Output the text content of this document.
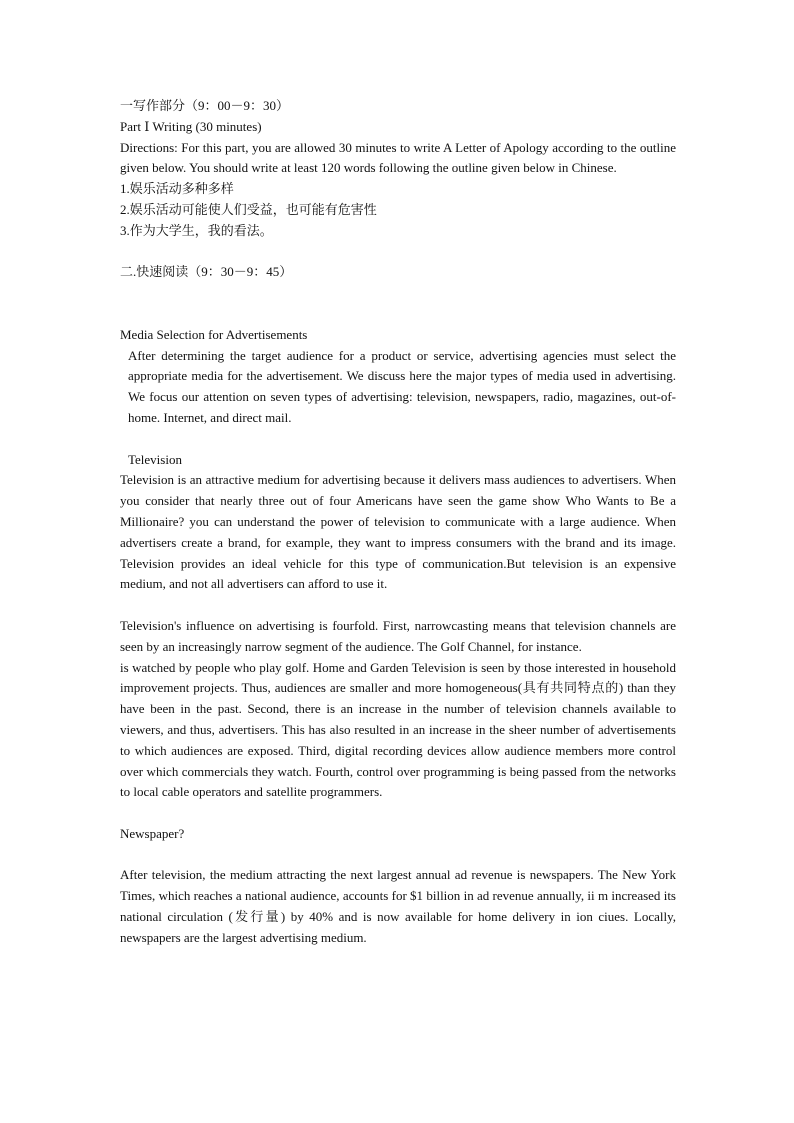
一写作部分（9：00－9：30）

Part Ⅰ Writing (30 minutes)

Directions: For this part, you are allowed 30 minutes to write A Letter of Apology according to the outline given below. You should write at least 120 words following the outline given below in Chinese.

1.娱乐活动多种多样

2.娱乐活动可能使人们受益，也可能有危害性

3.作为大学生，我的看法。

二.快速阅读（9：30－9：45）

Media Selection for Advertisements

After determining the target audience for a product or service, advertising agencies must select the appropriate media for the advertisement. We discuss here the major types of media used in advertising. We focus our attention on seven types of advertising: television, newspapers, radio, magazines, out-of-home. Internet, and direct mail.

Television

Television is an attractive medium for advertising because it delivers mass audiences to advertisers. When you consider that nearly three out of four Americans have seen the game show Who Wants to Be a Millionaire? you can understand the power of television to communicate with a large audience. When advertisers create a brand, for example, they want to impress consumers with the brand and its image. Television provides an ideal vehicle for this type of communication.But television is an expensive medium, and not all advertisers can afford to use it.

Television's influence on advertising is fourfold. First, narrowcasting means that television channels are seen by an increasingly narrow segment of the audience. The Golf Channel, for instance.

is watched by people who play golf. Home and Garden Television is seen by those interested in household improvement projects. Thus, audiences are smaller and more homogeneous(具有共同特点的) than they have been in the past. Second, there is an increase in the number of television channels available to viewers, and thus, advertisers. This has also resulted in an increase in the sheer number of advertisements to which audiences are exposed. Third, digital recording devices allow audience members more control over which commercials they watch. Fourth, control over programming is being passed from the networks to local cable operators and satellite programmers.

Newspaper?

After television, the medium attracting the next largest annual ad revenue is newspapers. The New York Times, which reaches a national audience, accounts for $1 billion in ad revenue annually, ii m increased its national circulation (发行量) by 40% and is now available for home delivery in ion ciues. Locally, newspapers are the largest advertising medium.
